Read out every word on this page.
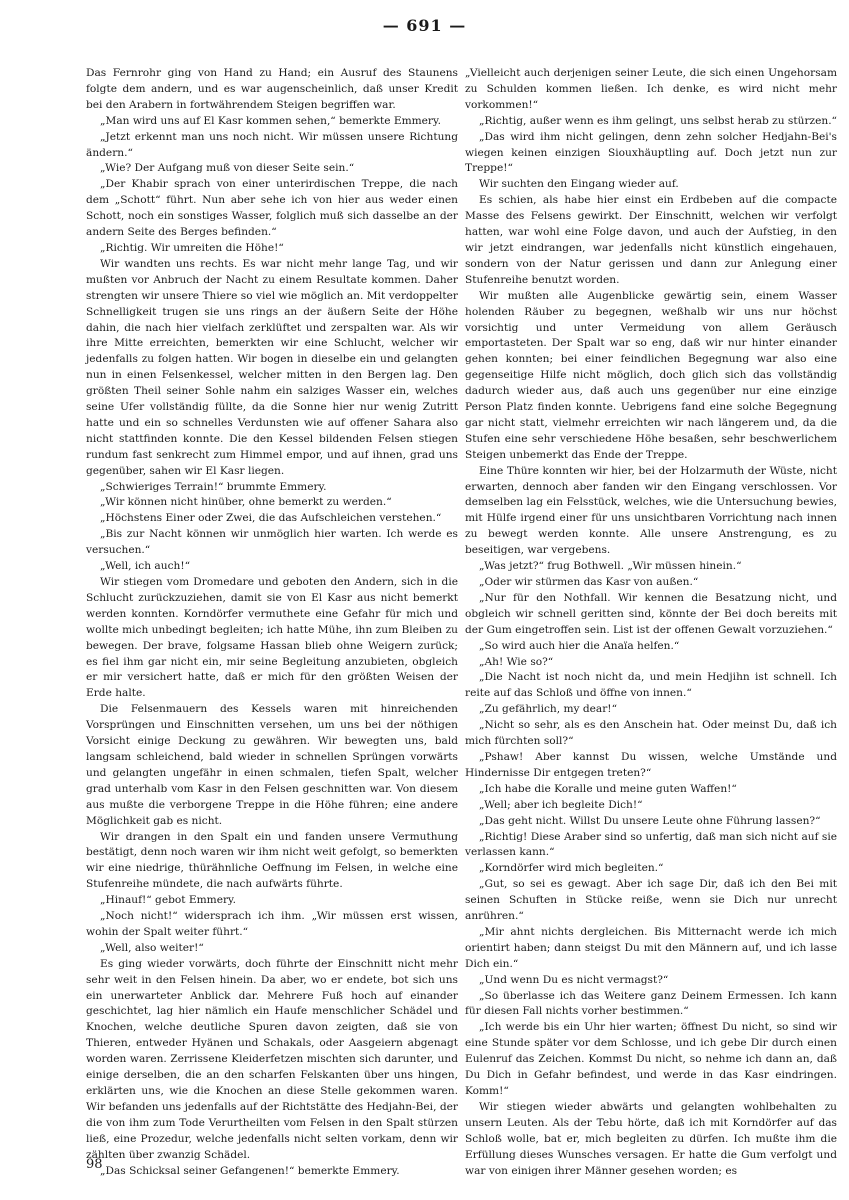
— 691 —

Das Fernrohr ging von Hand zu Hand; ein Ausruf des Staunens folgte dem andern, und es war augenscheinlich, daß unser Kredit bei den Arabern in fortwährendem Steigen begriffen war.

„Man wird uns auf El Kasr kommen sehen,“ bemerkte Emmery.

„Jetzt erkennt man uns noch nicht. Wir müssen unsere Richtung ändern.“

„Wie? Der Aufgang muß von dieser Seite sein.“

„Der Khabir sprach von einer unterirdischen Treppe, die nach dem „Schott“ führt. Nun aber sehe ich von hier aus weder einen Schott, noch ein sonstiges Wasser, folglich muß sich dasselbe an der andern Seite des Berges befinden.“

„Richtig. Wir umreiten die Höhe!“

Wir wandten uns rechts. Es war nicht mehr lange Tag, und wir mußten vor Anbruch der Nacht zu einem Resultate kommen. Daher strengten wir unsere Thiere so viel wie möglich an. Mit verdoppelter Schnelligkeit trugen sie uns rings an der äußern Seite der Höhe dahin, die nach hier vielfach zerklüftet und zerspalten war. Als wir ihre Mitte erreichten, bemerkten wir eine Schlucht, welcher wir jedenfalls zu folgen hatten. Wir bogen in dieselbe ein und gelangten nun in einen Felsenkessel, welcher mitten in den Bergen lag. Den größten Theil seiner Sohle nahm ein salziges Wasser ein, welches seine Ufer vollständig füllte, da die Sonne hier nur wenig Zutritt hatte und ein so schnelles Verdunsten wie auf offener Sahara also nicht stattfinden konnte. Die den Kessel bildenden Felsen stiegen rundum fast senkrecht zum Himmel empor, und auf ihnen, grad uns gegenüber, sahen wir El Kasr liegen.

„Schwieriges Terrain!“ brummte Emmery.

„Wir können nicht hinüber, ohne bemerkt zu werden.“

„Höchstens Einer oder Zwei, die das Aufschleichen verstehen.“

„Bis zur Nacht können wir unmöglich hier warten. Ich werde es versuchen.“

„Well, ich auch!“

Wir stiegen vom Dromedare und geboten den Andern, sich in die Schlucht zurückzuziehen, damit sie von El Kasr aus nicht bemerkt werden konnten. Korndörfer vermuthete eine Gefahr für mich und wollte mich unbedingt begleiten; ich hatte Mühe, ihn zum Bleiben zu bewegen. Der brave, folgsame Hassan blieb ohne Weigern zurück; es fiel ihm gar nicht ein, mir seine Begleitung anzubieten, obgleich er mir versichert hatte, daß er mich für den größten Weisen der Erde halte.

Die Felsenmauern des Kessels waren mit hinreichenden Vorsprüngen und Einschnitten versehen, um uns bei der nöthigen Vorsicht einige Deckung zu gewähren. Wir bewegten uns, bald langsam schleichend, bald wieder in schnellen Sprüngen vorwärts und gelangten ungefähr in einen schmalen, tiefen Spalt, welcher grad unterhalb vom Kasr in den Felsen geschnitten war. Von diesem aus mußte die verborgene Treppe in die Höhe führen; eine andere Möglichkeit gab es nicht.

Wir drangen in den Spalt ein und fanden unsere Vermuthung bestätigt, denn noch waren wir ihm nicht weit gefolgt, so bemerkten wir eine niedrige, thürähnliche Oeffnung im Felsen, in welche eine Stufenreihe mündete, die nach aufwärts führte.

„Hinauf!“ gebot Emmery.

„Noch nicht!“ widersprach ich ihm. „Wir müssen erst wissen, wohin der Spalt weiter führt.“

„Well, also weiter!“

Es ging wieder vorwärts, doch führte der Einschnitt nicht mehr sehr weit in den Felsen hinein. Da aber, wo er endete, bot sich uns ein unerwarteter Anblick dar. Mehrere Fuß hoch auf einander geschichtet, lag hier nämlich ein Haufe menschlicher Schädel und Knochen, welche deutliche Spuren davon zeigten, daß sie von Thieren, entweder Hyänen und Schakals, oder Aasgeiern abgenagt worden waren. Zerrissene Kleiderfetzen mischten sich darunter, und einige derselben, die an den scharfen Felskanten über uns hingen, erklärten uns, wie die Knochen an diese Stelle gekommen waren. Wir befanden uns jedenfalls auf der Richtstätte des Hedjahn-Bei, der die von ihm zum Tode Verurtheilten vom Felsen in den Spalt stürzen ließ, eine Prozedur, welche jedenfalls nicht selten vorkam, denn wir zählten über zwanzig Schädel.

„Das Schicksal seiner Gefangenen!“ bemerkte Emmery.

„Vielleicht auch derjenigen seiner Leute, die sich einen Ungehorsam zu Schulden kommen ließen. Ich denke, es wird nicht mehr vorkommen!“

„Richtig, außer wenn es ihm gelingt, uns selbst herab zu stürzen.“

„Das wird ihm nicht gelingen, denn zehn solcher Hedjahn-Bei's wiegen keinen einzigen Siouxhäuptling auf. Doch jetzt nun zur Treppe!“

Wir suchten den Eingang wieder auf.

Es schien, als habe hier einst ein Erdbeben auf die compacte Masse des Felsens gewirkt. Der Einschnitt, welchen wir verfolgt hatten, war wohl eine Folge davon, und auch der Aufstieg, in den wir jetzt eindrangen, war jedenfalls nicht künstlich eingehauen, sondern von der Natur gerissen und dann zur Anlegung einer Stufenreihe benutzt worden.

Wir mußten alle Augenblicke gewärtig sein, einem Wasser holenden Räuber zu begegnen, weßhalb wir uns nur höchst vorsichtig und unter Vermeidung von allem Geräusch emportasteten. Der Spalt war so eng, daß wir nur hinter einander gehen konnten; bei einer feindlichen Begegnung war also eine gegenseitige Hilfe nicht möglich, doch glich sich das vollständig dadurch wieder aus, daß auch uns gegenüber nur eine einzige Person Platz finden konnte. Uebrigens fand eine solche Begegnung gar nicht statt, vielmehr erreichten wir nach längerem und, da die Stufen eine sehr verschiedene Höhe besaßen, sehr beschwerlichem Steigen unbemerkt das Ende der Treppe.

Eine Thüre konnten wir hier, bei der Holzarmuth der Wüste, nicht erwarten, dennoch aber fanden wir den Eingang verschlossen. Vor demselben lag ein Felsstück, welches, wie die Untersuchung bewies, mit Hülfe irgend einer für uns unsichtbaren Vorrichtung nach innen zu bewegt werden konnte. Alle unsere Anstrengung, es zu beseitigen, war vergebens.

„Was jetzt?“ frug Bothwell. „Wir müssen hinein.“

„Oder wir stürmen das Kasr von außen.“

„Nur für den Nothfall. Wir kennen die Besatzung nicht, und obgleich wir schnell geritten sind, könnte der Bei doch bereits mit der Gum eingetroffen sein. List ist der offenen Gewalt vorzuziehen.“

„So wird auch hier die Anaïa helfen.“

„Ah! Wie so?“

„Die Nacht ist noch nicht da, und mein Hedjihn ist schnell. Ich reite auf das Schloß und öffne von innen.“

„Zu gefährlich, my dear!“

„Nicht so sehr, als es den Anschein hat. Oder meinst Du, daß ich mich fürchten soll?“

„Pshaw! Aber kannst Du wissen, welche Umstände und Hindernisse Dir entgegen treten?“

„Ich habe die Koralle und meine guten Waffen!“

„Well; aber ich begleite Dich!“

„Das geht nicht. Willst Du unsere Leute ohne Führung lassen?“

„Richtig! Diese Araber sind so unfertig, daß man sich nicht auf sie verlassen kann.“

„Korndörfer wird mich begleiten.“

„Gut, so sei es gewagt. Aber ich sage Dir, daß ich den Bei mit seinen Schuften in Stücke reiße, wenn sie Dich nur unrecht anrühren.“

„Mir ahnt nichts dergleichen. Bis Mitternacht werde ich mich orientirt haben; dann steigst Du mit den Männern auf, und ich lasse Dich ein.“

„Und wenn Du es nicht vermagst?“

„So überlasse ich das Weitere ganz Deinem Ermessen. Ich kann für diesen Fall nichts vorher bestimmen.“

„Ich werde bis ein Uhr hier warten; öffnest Du nicht, so sind wir eine Stunde später vor dem Schlosse, und ich gebe Dir durch einen Eulenruf das Zeichen. Kommst Du nicht, so nehme ich dann an, daß Du Dich in Gefahr befindest, und werde in das Kasr eindringen. Komm!“

Wir stiegen wieder abwärts und gelangten wohlbehalten zu unsern Leuten. Als der Tebu hörte, daß ich mit Korndörfer auf das Schloß wolle, bat er, mich begleiten zu dürfen. Ich mußte ihm die Erfüllung dieses Wunsches versagen. Er hatte die Gum verfolgt und war von einigen ihrer Männer gesehen worden; es

98
